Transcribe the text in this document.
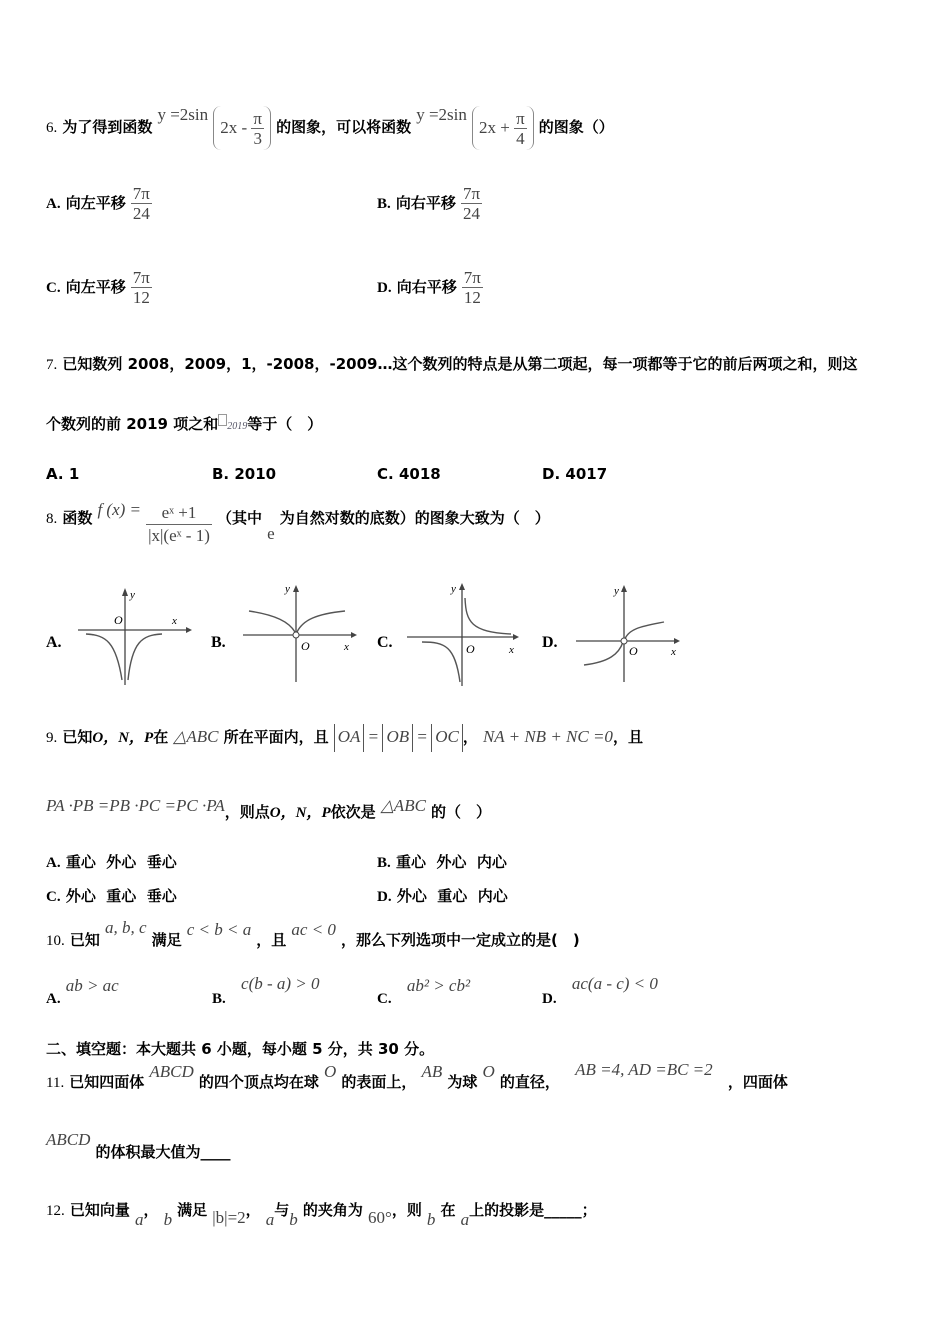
6. 为了得到函数 y =2sin $2x - \frac{\pi}{3}$ 的图象，可以将函数 y =2sin $2x + \frac{\pi}{4}$ 的图象（）
A. 向左平移 $\frac{7\pi}{24}$	B. 向右平移 $\frac{7\pi}{24}$
C. 向左平移 $\frac{7\pi}{12}$	D. 向右平移 $\frac{7\pi}{12}$
7. 已知数列 2008，2009，1，-2008，-2009…这个数列的特点是从第二项起，每一项都等于它的前后两项之和，则这
个数列的前 2019 项之和 2019等于（　）
A. 1	B. 2010	C. 4018	D. 4017
8. 函数 f $(x) = \frac{\text{eˣ +1}}{\text{|x|(eˣ - 1)}}$ （其中 e 为自然对数的底数）的图象大致为（　）
A.
y
O	x
B.
y
O	x C.
y
O	x D.
y
O	x
9. 已知O，N，P在 △ABC 所在平面内，且 OA = OB = OC ， NA + NB + NC =0，且
PA ·PB =PB ·PC =PC ·PA，则点O，N，P依次是 △ABC 的（　）
A. 重心  外心  垂心	B. 重心  外心  内心
C. 外心  重心  垂心	D. 外心  重心  内心
10. 已知 a, b, c 满足 c < b < a ，且 ac < 0 ，那么下列选项中一定成立的是(　)
A. ab > ac
B.   c(b - a) > 0
C.   ab² > cb²
D.   ac(a - c) < 0
二、填空题：本大题共 6 小题，每小题 5 分，共 30 分。
11. 已知四面体 ABCD 的四个顶点均在球 O 的表面上， AB 为球 O 的直径，   AB =4, AD =BC =2   ，四面体
ABCD 的体积最大值为____
12. 已知向量 a， b 满足 |b|=2， a与b 的夹角为 60°，则 b 在 a上的投影是_____；
